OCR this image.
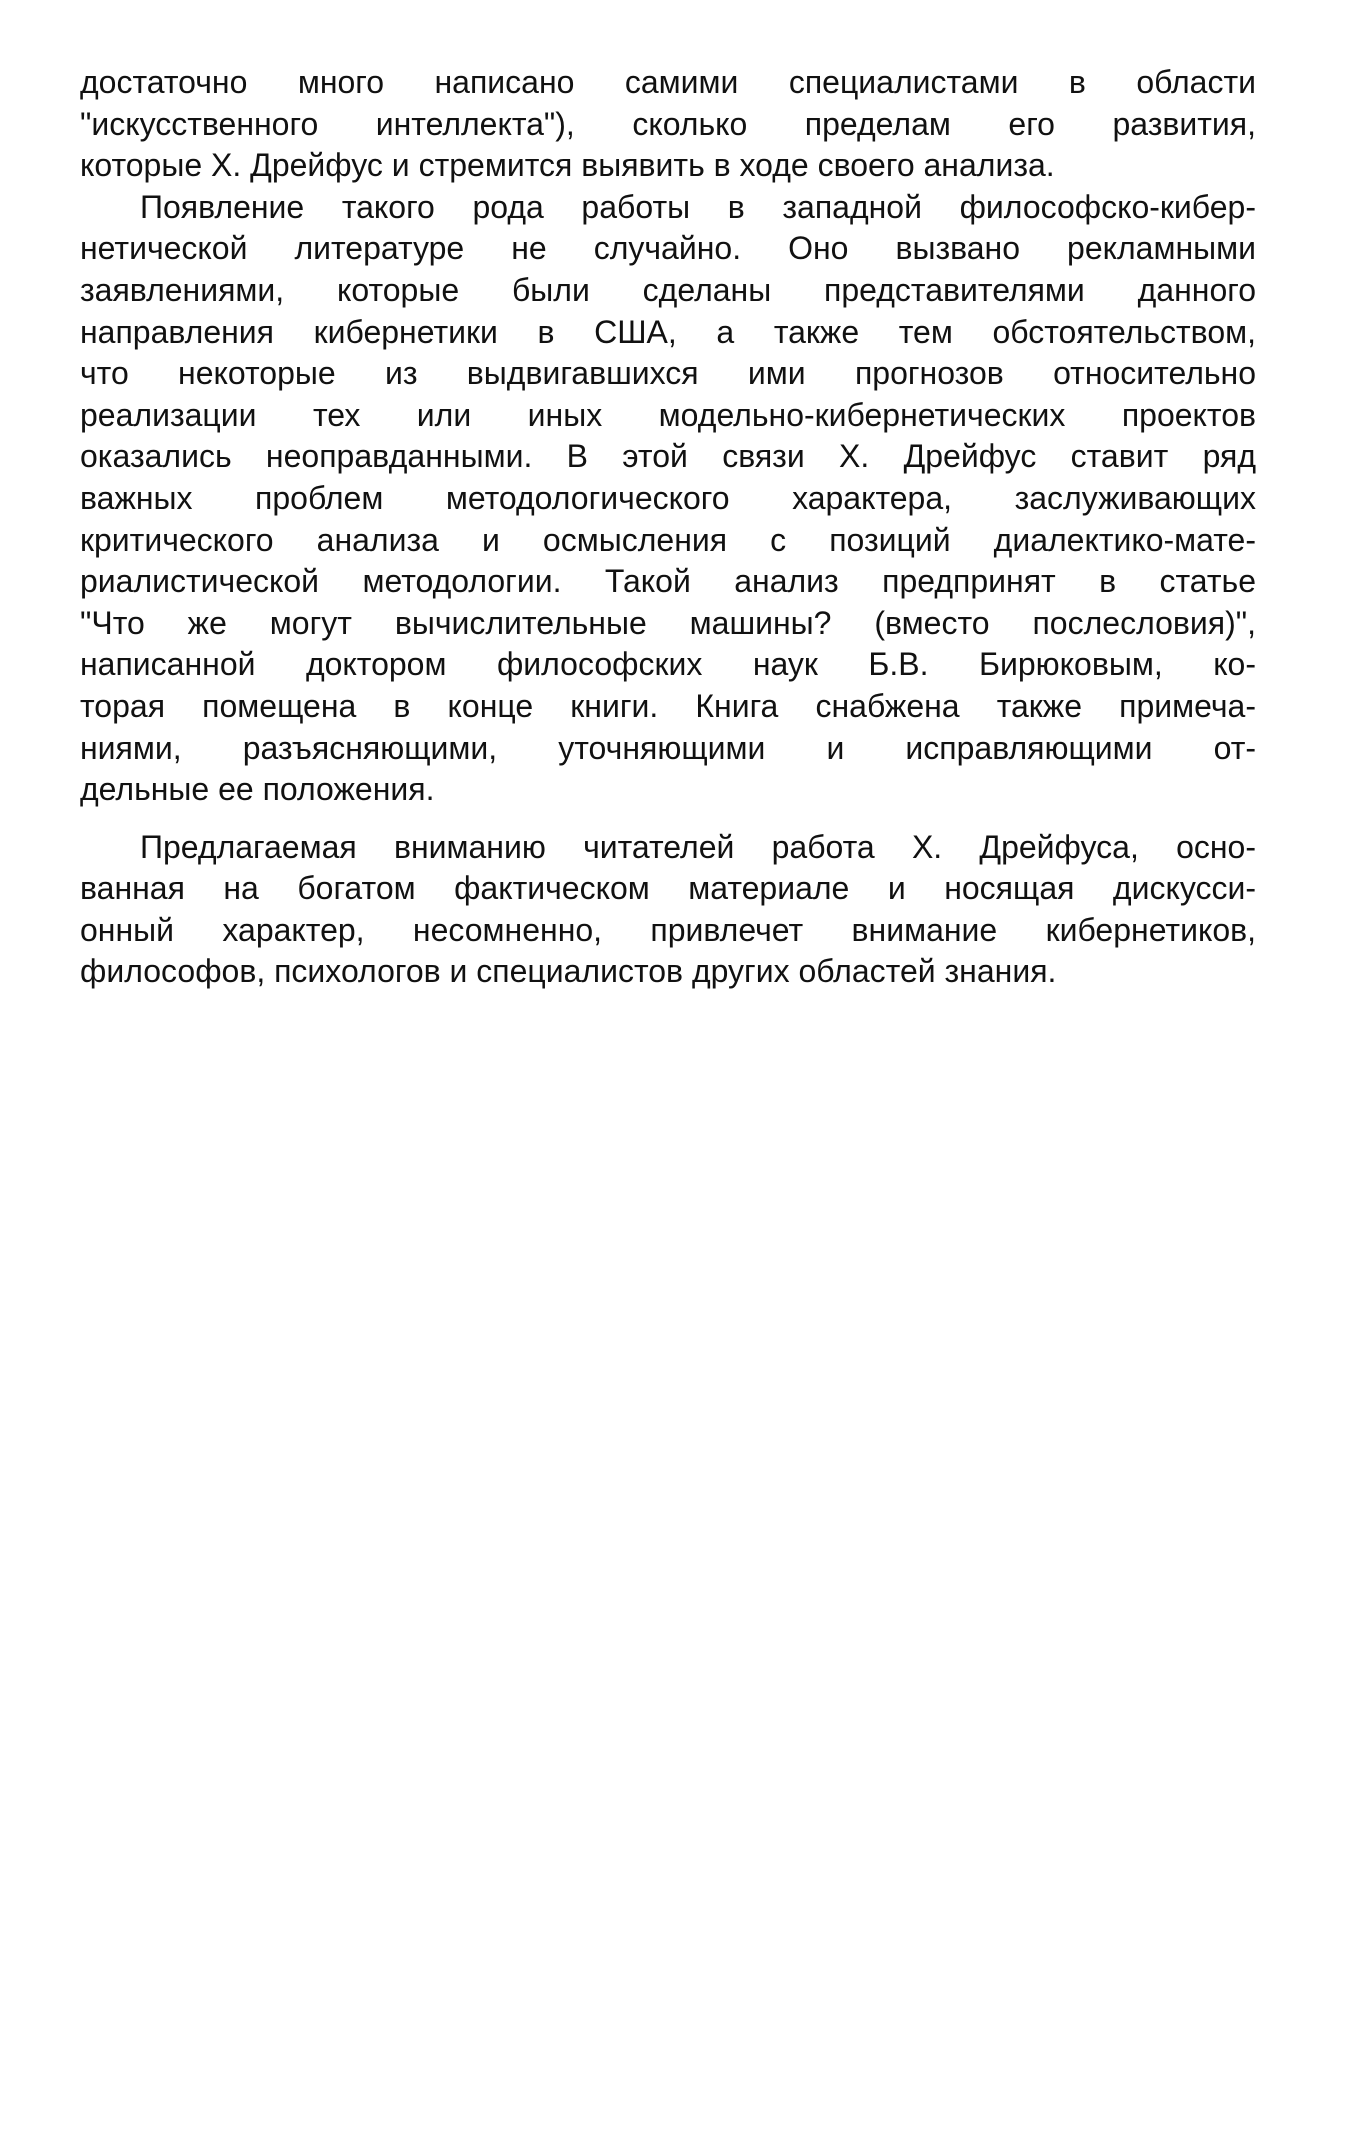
достаточно много написано самими специалистами в области
"искусственного интеллекта"), сколько пределам его развития,
которые Х. Дрейфус и стремится выявить в ходе своего анализа.
Появление такого рода работы в западной философско-кибер-
нетической литературе не случайно. Оно вызвано рекламными
заявлениями, которые были сделаны представителями данного
направления кибернетики в США, а также тем обстоятельством,
что некоторые из выдвигавшихся ими прогнозов относительно
реализации тех или иных модельно-кибернетических проектов
оказались неоправданными. В этой связи Х. Дрейфус ставит ряд
важных проблем методологического характера, заслуживающих
критического анализа и осмысления с позиций диалектико-мате-
риалистической методологии. Такой анализ предпринят в статье
"Что же могут вычислительные машины? (вместо послесловия)",
написанной доктором философских наук Б.В. Бирюковым, ко-
торая помещена в конце книги. Книга снабжена также примеча-
ниями, разъясняющими, уточняющими и исправляющими от-
дельные ее положения.
Предлагаемая вниманию читателей работа Х. Дрейфуса, осно-
ванная на богатом фактическом материале и носящая дискусси-
онный характер, несомненно, привлечет внимание кибернетиков,
философов, психологов и специалистов других областей знания.
